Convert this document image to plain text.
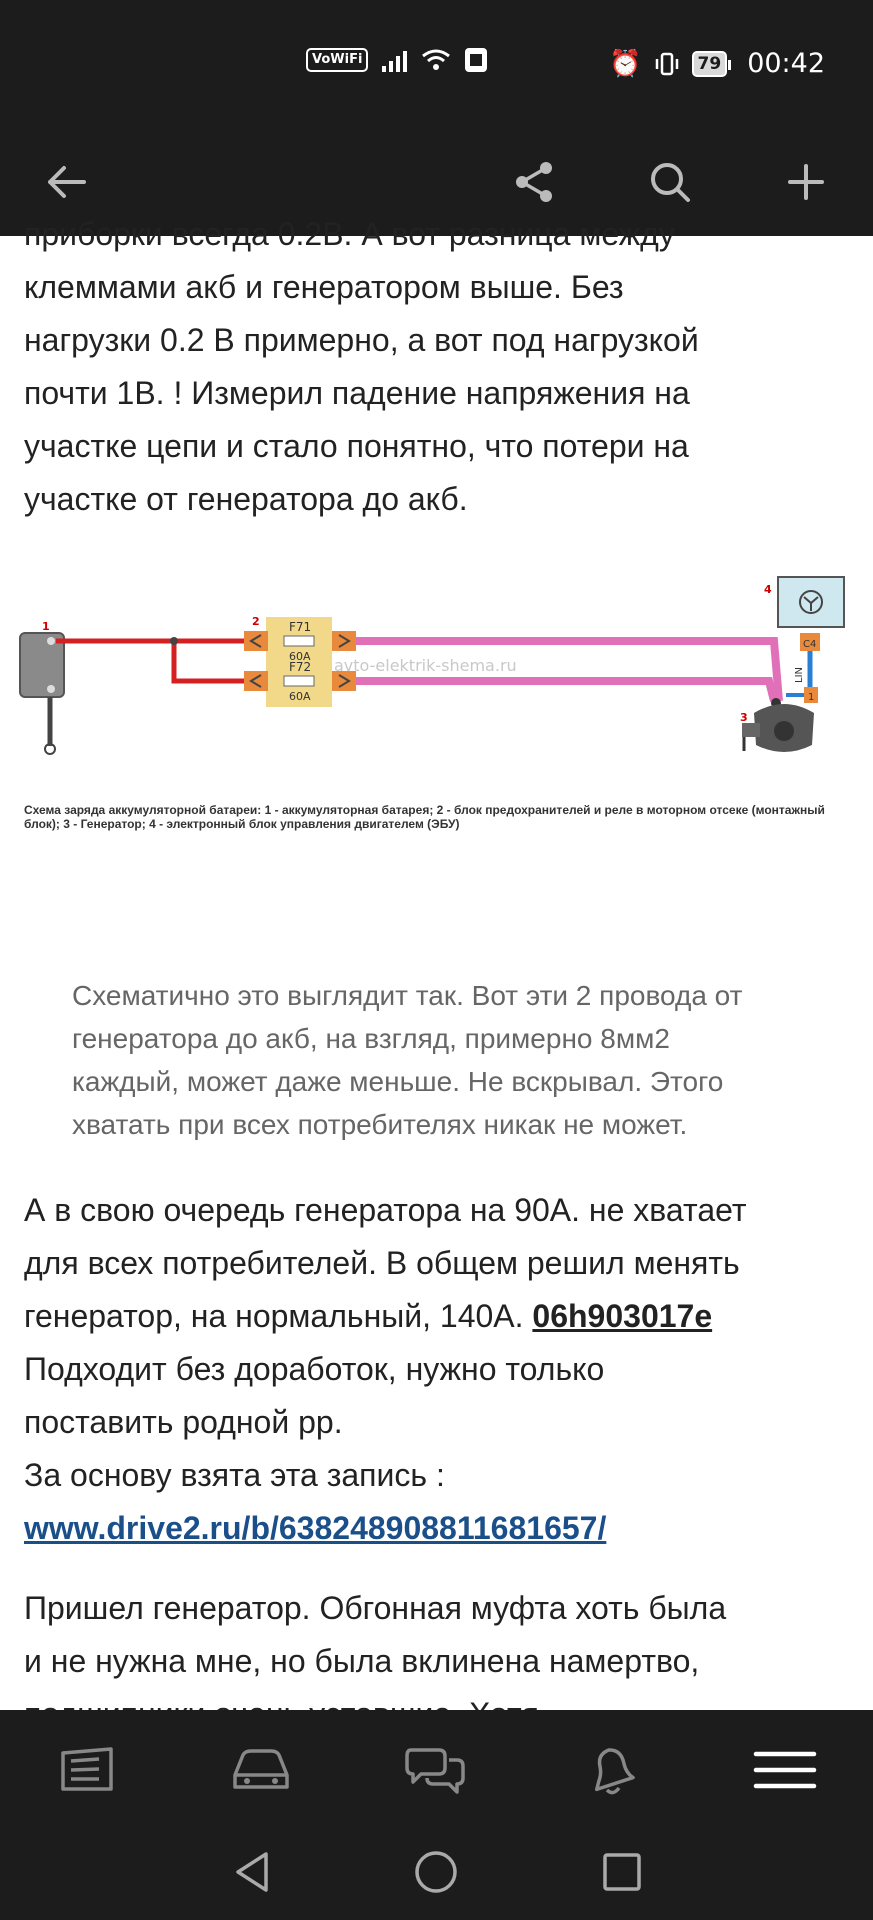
VoWiFi	⏰	79 00:42
приборки всегда 0.2В. А вот разница между
клеммами акб и генератором выше. Без
нагрузки 0.2 В примерно, а вот под нагрузкой
почти 1В. ! Измерил падение напряжения на
участке цепи и стало понятно, что потери на
участке от генератора до акб.
1	2
3
4
F71
60A
F72
60A
C4
1
LIN
avto-elektrik-shema.ru
Схема заряда аккумуляторной батареи: 1 - аккумуляторная батарея; 2 - блок предохранителей и реле в моторном отсеке (монтажный блок); 3 - Генератор; 4 - электронный блок управления двигателем (ЭБУ)
Схематично это выглядит так. Вот эти 2 провода от
генератора до акб, на взгляд, примерно 8мм2
каждый, может даже меньше. Не вскрывал. Этого
хватать при всех потребителях никак не может.
А в свою очередь генератора на 90А. не хватает
для всех потребителей. В общем решил менять
генератор, на нормальный, 140А. 06h903017e
Подходит без доработок, нужно только
поставить родной рр.
За основу взята эта запись :
www.drive2.ru/b/638248908811681657/
Пришел генератор. Обгонная муфта хоть была
и не нужна мне, но была вклинена намертво,
